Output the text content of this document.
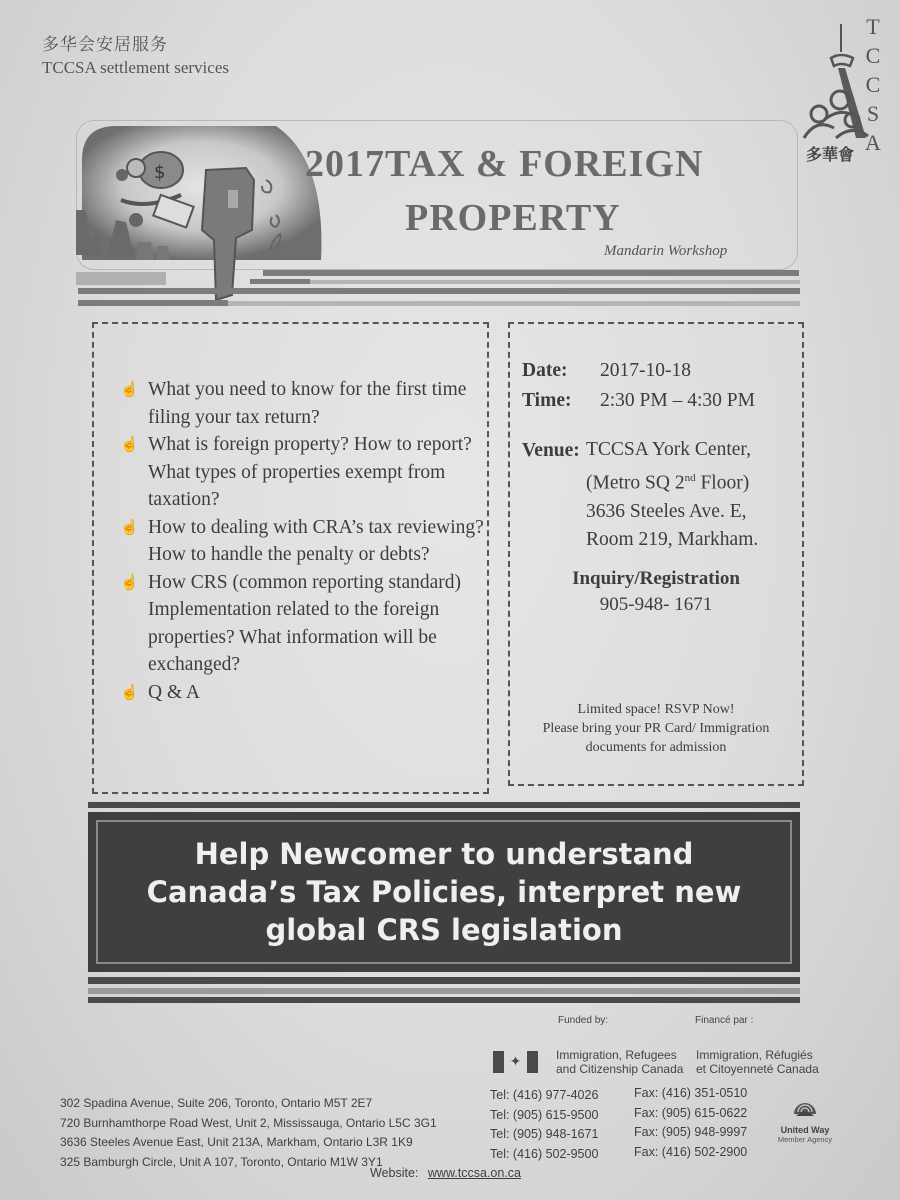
多华会安居服务
TCCSA settlement services
多華會
T
C
C
S
A
$	2017TAX & FOREIGN
PROPERTY
Mandarin Workshop
☝ What you need to know for the first time filing your tax return?
☝ What is foreign property? How to report? What types of properties exempt from taxation?
☝ How to dealing with CRA’s tax reviewing? How to handle the penalty or debts?
☝ How CRS (common reporting standard) Implementation related to the foreign properties? What information will be exchanged?
☝ Q & A
Date:	2017-10-18
Time:	2:30 PM – 4:30 PM
Venue: TCCSA York Center,
(Metro SQ 2nd Floor)
3636 Steeles Ave. E,
Room 219, Markham.
Inquiry/Registration
905-948- 1671
Limited space! RSVP Now!
Please bring your PR Card/ Immigration
documents for admission
Help Newcomer to understand Canada’s Tax Policies, interpret new global CRS legislation
Funded by:	Financé par :
✦	Immigration, Refugees
and Citizenship Canada
Immigration, Réfugiés
et Citoyenneté Canada
302 Spadina Avenue, Suite 206, Toronto, Ontario M5T 2E7
720 Burnhamthorpe Road West, Unit 2, Mississauga, Ontario L5C 3G1
3636 Steeles Avenue East, Unit 213A, Markham, Ontario L3R 1K9
325 Bamburgh Circle, Unit A 107, Toronto, Ontario M1W 3Y1
Tel: (416) 977-4026
Tel: (905) 615-9500
Tel: (905) 948-1671
Tel: (416) 502-9500
Fax: (416) 351-0510
Fax: (905) 615-0622
Fax: (905) 948-9997
Fax: (416) 502-2900
Website: www.tccsa.on.ca
United Way
Member Agency
